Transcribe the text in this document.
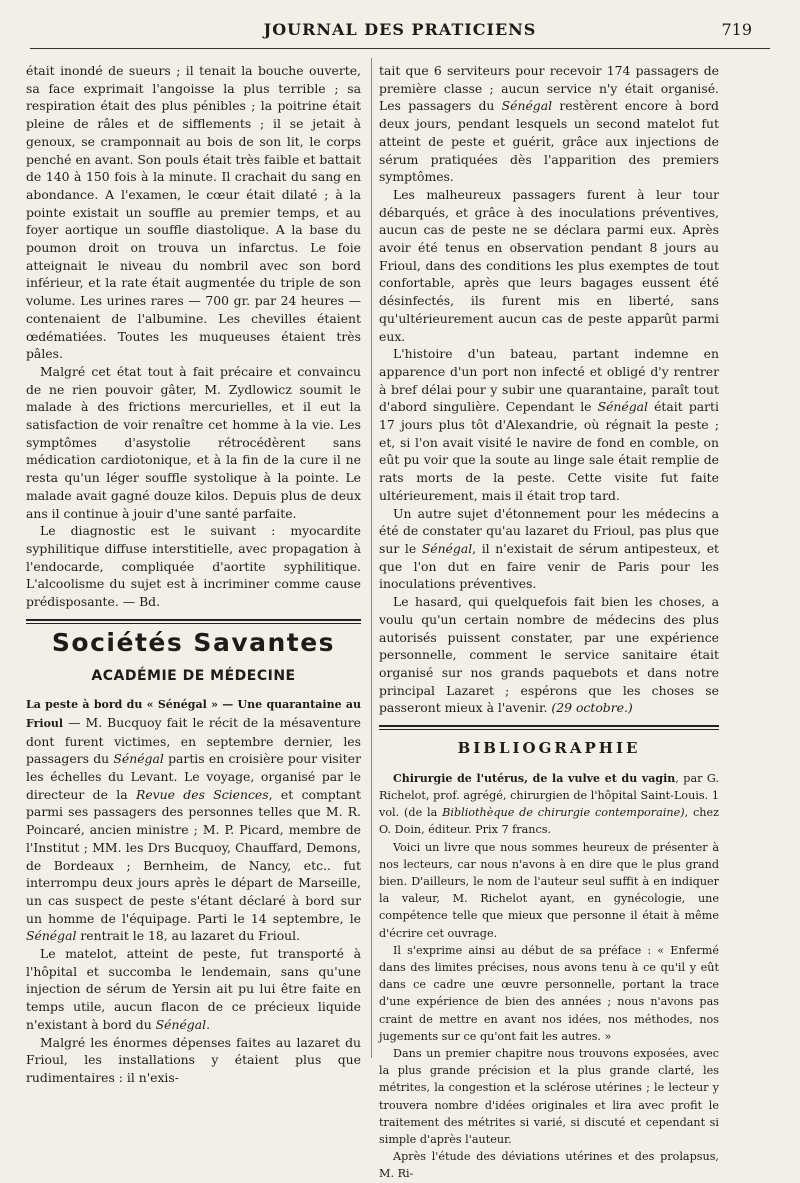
JOURNAL DES PRATICIENS	719

était inondé de sueurs ; il tenait la bouche ouverte, sa face exprimait l'angoisse la plus terrible ; sa respiration était des plus pénibles ; la poitrine était pleine de râles et de sifflements ; il se jetait à genoux, se cramponnait au bois de son lit, le corps penché en avant. Son pouls était très faible et battait de 140 à 150 fois à la minute. Il crachait du sang en abondance. A l'examen, le cœur était dilaté ; à la pointe existait un souffle au premier temps, et au foyer aortique un souffle diastolique. A la base du poumon droit on trouva un infarctus. Le foie atteignait le niveau du nombril avec son bord inférieur, et la rate était augmentée du triple de son volume. Les urines rares — 700 gr. par 24 heures — contenaient de l'albumine. Les chevilles étaient œdématiées. Toutes les muqueuses étaient très pâles.

Malgré cet état tout à fait précaire et convaincu de ne rien pouvoir gâter, M. Zydlowicz soumit le malade à des frictions mercurielles, et il eut la satisfaction de voir renaître cet homme à la vie. Les symptômes d'asystolie rétrocédèrent sans médication cardiotonique, et à la fin de la cure il ne resta qu'un léger souffle systolique à la pointe. Le malade avait gagné douze kilos. Depuis plus de deux ans il continue à jouir d'une santé parfaite.

Le diagnostic est le suivant : myocardite syphilitique diffuse interstitielle, avec propagation à l'endocarde, compliquée d'aortite syphilitique. L'alcoolisme du sujet est à incriminer comme cause prédisposante. — Bd.

Sociétés Savantes

ACADÉMIE DE MÉDECINE

La peste à bord du « Sénégal » — Une quarantaine au Frioul — M. Bucquoy fait le récit de la mésaventure dont furent victimes, en septembre dernier, les passagers du Sénégal partis en croisière pour visiter les échelles du Levant. Le voyage, organisé par le directeur de la Revue des Sciences, et comptant parmi ses passagers des personnes telles que M. R. Poincaré, ancien ministre ; M. P. Picard, membre de l'Institut ; MM. les Drs Bucquoy, Chauffard, Demons, de Bordeaux ; Bernheim, de Nancy, etc.. fut interrompu deux jours après le départ de Marseille, un cas suspect de peste s'étant déclaré à bord sur un homme de l'équipage. Parti le 14 septembre, le Sénégal rentrait le 18, au lazaret du Frioul.

Le matelot, atteint de peste, fut transporté à l'hôpital et succomba le lendemain, sans qu'une injection de sérum de Yersin ait pu lui être faite en temps utile, aucun flacon de ce précieux liquide n'existant à bord du Sénégal.

Malgré les énormes dépenses faites au lazaret du Frioul, les installations y étaient plus que rudimentaires : il n'exis-

tait que 6 serviteurs pour recevoir 174 passagers de première classe ; aucun service n'y était organisé. Les passagers du Sénégal restèrent encore à bord deux jours, pendant lesquels un second matelot fut atteint de peste et guérit, grâce aux injections de sérum pratiquées dès l'apparition des premiers symptômes.

Les malheureux passagers furent à leur tour débarqués, et grâce à des inoculations préventives, aucun cas de peste ne se déclara parmi eux. Après avoir été tenus en observation pendant 8 jours au Frioul, dans des conditions les plus exemptes de tout confortable, après que leurs bagages eussent été désinfectés, ils furent mis en liberté, sans qu'ultérieurement aucun cas de peste apparût parmi eux.

L'histoire d'un bateau, partant indemne en apparence d'un port non infecté et obligé d'y rentrer à bref délai pour y subir une quarantaine, paraît tout d'abord singulière. Cependant le Sénégal était parti 17 jours plus tôt d'Alexandrie, où régnait la peste ; et, si l'on avait visité le navire de fond en comble, on eût pu voir que la soute au linge sale était remplie de rats morts de la peste. Cette visite fut faite ultérieurement, mais il était trop tard.

Un autre sujet d'étonnement pour les médecins a été de constater qu'au lazaret du Frioul, pas plus que sur le Sénégal, il n'existait de sérum antipesteux, et que l'on dut en faire venir de Paris pour les inoculations préventives.

Le hasard, qui quelquefois fait bien les choses, a voulu qu'un certain nombre de médecins des plus autorisés puissent constater, par une expérience personnelle, comment le service sanitaire était organisé sur nos grands paquebots et dans notre principal Lazaret ; espérons que les choses se passeront mieux à l'avenir. (29 octobre.)

BIBLIOGRAPHIE

Chirurgie de l'utérus, de la vulve et du vagin, par G. Richelot, prof. agrégé, chirurgien de l'hôpital Saint-Louis. 1 vol. (de la Bibliothèque de chirurgie contemporaine), chez O. Doin, éditeur. Prix 7 francs.

Voici un livre que nous sommes heureux de présenter à nos lecteurs, car nous n'avons à en dire que le plus grand bien. D'ailleurs, le nom de l'auteur seul suffit à en indiquer la valeur, M. Richelot ayant, en gynécologie, une compétence telle que mieux que personne il était à même d'écrire cet ouvrage.

Il s'exprime ainsi au début de sa préface : « Enfermé dans des limites précises, nous avons tenu à ce qu'il y eût dans ce cadre une œuvre personnelle, portant la trace d'une expérience de bien des années ; nous n'avons pas craint de mettre en avant nos idées, nos méthodes, nos jugements sur ce qu'ont fait les autres. »

Dans un premier chapitre nous trouvons exposées, avec la plus grande précision et la plus grande clarté, les métrites, la congestion et la sclérose utérines ; le lecteur y trouvera nombre d'idées originales et lira avec profit le traitement des métrites si varié, si discuté et cependant si simple d'après l'auteur.

Après l'étude des déviations utérines et des prolapsus, M. Ri-
